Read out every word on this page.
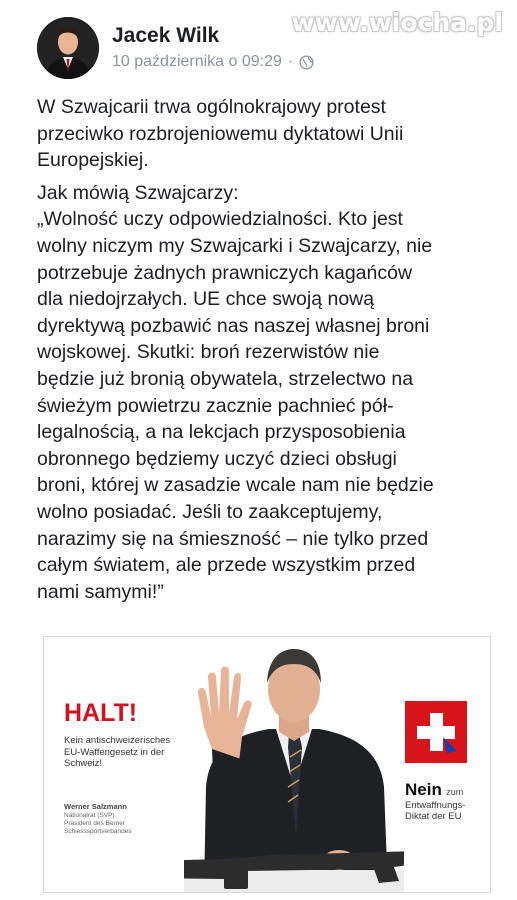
Jacek Wilk
10 października o 09:29 ·
www.wiocha.pl

W Szwajcarii trwa ogólnokrajowy protest
przeciwko rozbrojeniowemu dyktatowi Unii
Europejskiej.

Jak mówią Szwajcarzy:
„Wolność uczy odpowiedzialności. Kto jest
wolny niczym my Szwajcarki i Szwajcarzy, nie
potrzebuje żadnych prawniczych kagańców
dla niedojrzałych. UE chce swoją nową
dyrektywą pozbawić nas naszej własnej broni
wojskowej. Skutki: broń rezerwistów nie
będzie już bronią obywatela, strzelectwo na
świeżym powietrzu zacznie pachnieć pół-
legalnością, a na lekcjach przysposobienia
obronnego będziemy uczyć dzieci obsługi
broni, której w zasadzie wcale nam nie będzie
wolno posiadać. Jeśli to zaakceptujemy,
narazimy się na śmieszność – nie tylko przed
całym światem, ale przede wszystkim przed
nami samymi!”

HALT!
Kein antischweizerisches
EU-Waffengesetz in der
Schweiz!
Werner Salzmann
Nationalrat (SVP)
Präsident des Berner
Schiesssportverbandes
Nein zum
Entwaffnungs-
Diktat der EU
